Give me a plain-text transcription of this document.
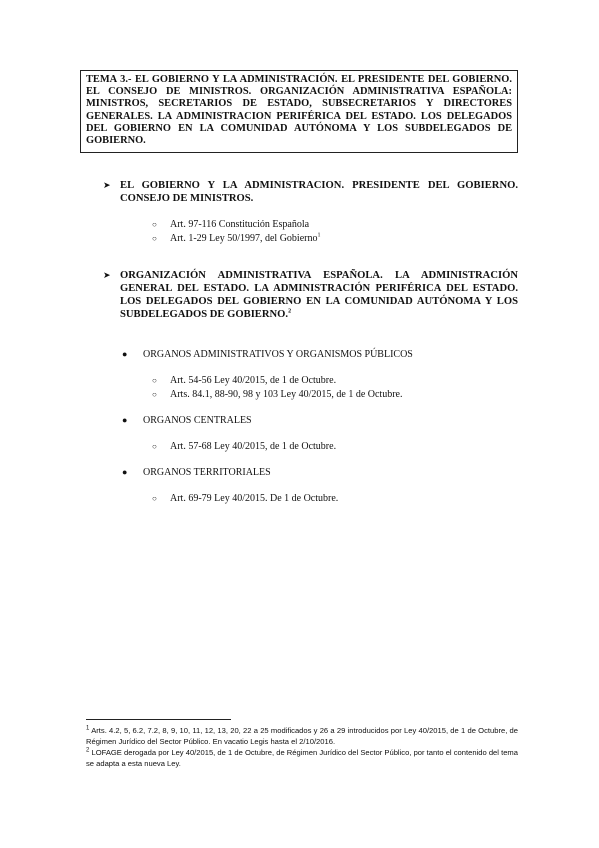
TEMA 3.- EL GOBIERNO Y LA ADMINISTRACIÓN. EL PRESIDENTE DEL GOBIERNO. EL CONSEJO DE MINISTROS. ORGANIZACIÓN ADMINISTRATIVA ESPAÑOLA: MINISTROS, SECRETARIOS DE ESTADO, SUBSECRETARIOS Y DIRECTORES GENERALES. LA ADMINISTRACION PERIFÉRICA DEL ESTADO. LOS DELEGADOS DEL GOBIERNO EN LA COMUNIDAD AUTÓNOMA Y LOS SUBDELEGADOS DE GOBIERNO.
➤ EL GOBIERNO Y LA ADMINISTRACION. PRESIDENTE DEL GOBIERNO. CONSEJO DE MINISTROS.
○ Art. 97-116 Constitución Española
○ Art. 1-29 Ley 50/1997, del Gobierno$^1$
➤ ORGANIZACIÓN ADMINISTRATIVA ESPAÑOLA. LA ADMINISTRACIÓN GENERAL DEL ESTADO. LA ADMINISTRACIÓN PERIFÉRICA DEL ESTADO. LOS DELEGADOS DEL GOBIERNO EN LA COMUNIDAD AUTÓNOMA Y LOS SUBDELEGADOS DE GOBIERNO.$^2$
● ORGANOS ADMINISTRATIVOS Y ORGANISMOS PÚBLICOS
○ Art. 54-56 Ley 40/2015, de 1 de Octubre.
○ Arts. 84.1, 88-90, 98 y 103 Ley 40/2015, de 1 de Octubre.
● ORGANOS CENTRALES
○ Art. 57-68 Ley 40/2015, de 1 de Octubre.
● ORGANOS TERRITORIALES
○ Art. 69-79 Ley 40/2015. De 1 de Octubre.
$^1$ Arts. 4.2, 5, 6.2, 7.2, 8, 9, 10, 11, 12, 13, 20, 22 a 25 modificados y 26 a 29 introducidos por Ley 40/2015, de 1 de Octubre, de Régimen Jurídico del Sector Público. En vacatio Legis hasta el 2/10/2016.
$^2$ LOFAGE derogada por Ley 40/2015, de 1 de Octubre, de Régimen Jurídico del Sector Público, por tanto el contenido del tema se adapta a esta nueva Ley.
